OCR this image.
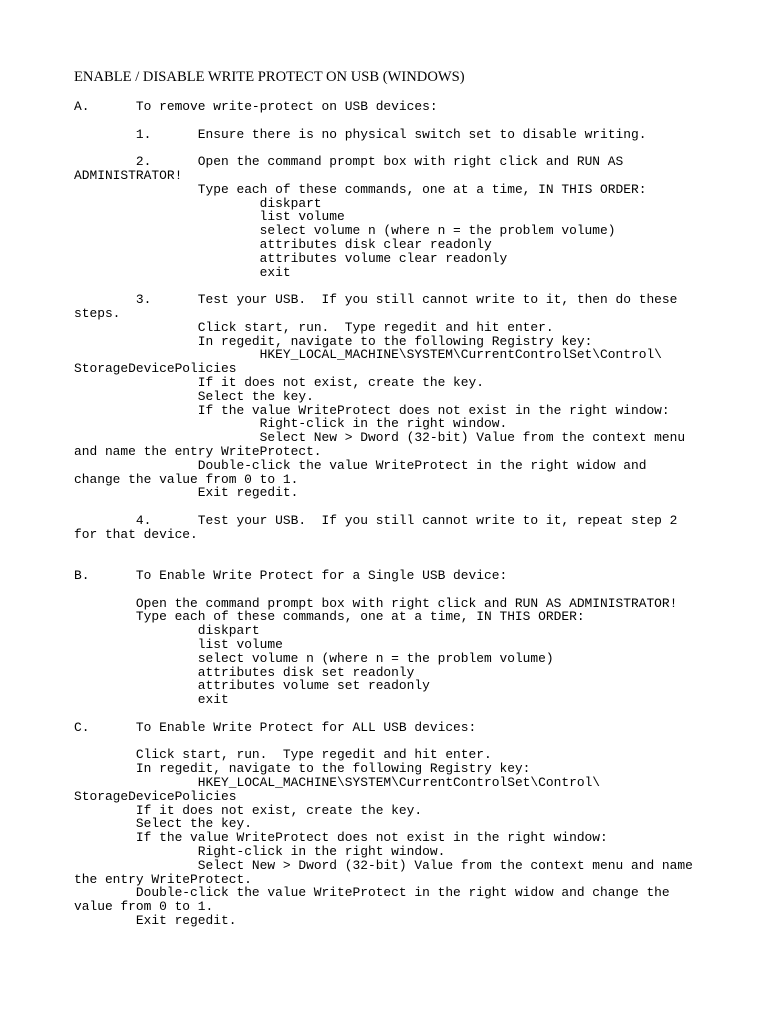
ENABLE / DISABLE WRITE PROTECT ON USB (WINDOWS)
A.	To remove write-protect on USB devices:

	1.	Ensure there is no physical switch set to disable writing.

	2.	Open the command prompt box with right click and RUN AS
ADMINISTRATOR!
		Type each of these commands, one at a time, IN THIS ORDER:
			diskpart
			list volume
			select volume n (where n = the problem volume)
			attributes disk clear readonly
			attributes volume clear readonly
			exit

	3.	Test your USB.  If you still cannot write to it, then do these
steps.
		Click start, run.  Type regedit and hit enter.
		In regedit, navigate to the following Registry key:
			HKEY_LOCAL_MACHINE\SYSTEM\CurrentControlSet\Control\
StorageDevicePolicies
		If it does not exist, create the key.
		Select the key.
		If the value WriteProtect does not exist in the right window:
			Right-click in the right window.
			Select New > Dword (32-bit) Value from the context menu
and name the entry WriteProtect.
		Double-click the value WriteProtect in the right widow and
change the value from 0 to 1.
		Exit regedit.

	4.	Test your USB.  If you still cannot write to it, repeat step 2
for that device.

B.	To Enable Write Protect for a Single USB device:

	Open the command prompt box with right click and RUN AS ADMINISTRATOR!
	Type each of these commands, one at a time, IN THIS ORDER:
		diskpart
		list volume
		select volume n (where n = the problem volume)
		attributes disk set readonly
		attributes volume set readonly
		exit

C.	To Enable Write Protect for ALL USB devices:

	Click start, run.  Type regedit and hit enter.
	In regedit, navigate to the following Registry key:
		HKEY_LOCAL_MACHINE\SYSTEM\CurrentControlSet\Control\
StorageDevicePolicies
	If it does not exist, create the key.
	Select the key.
	If the value WriteProtect does not exist in the right window:
		Right-click in the right window.
		Select New > Dword (32-bit) Value from the context menu and name
the entry WriteProtect.
	Double-click the value WriteProtect in the right widow and change the
value from 0 to 1.
	Exit regedit.
